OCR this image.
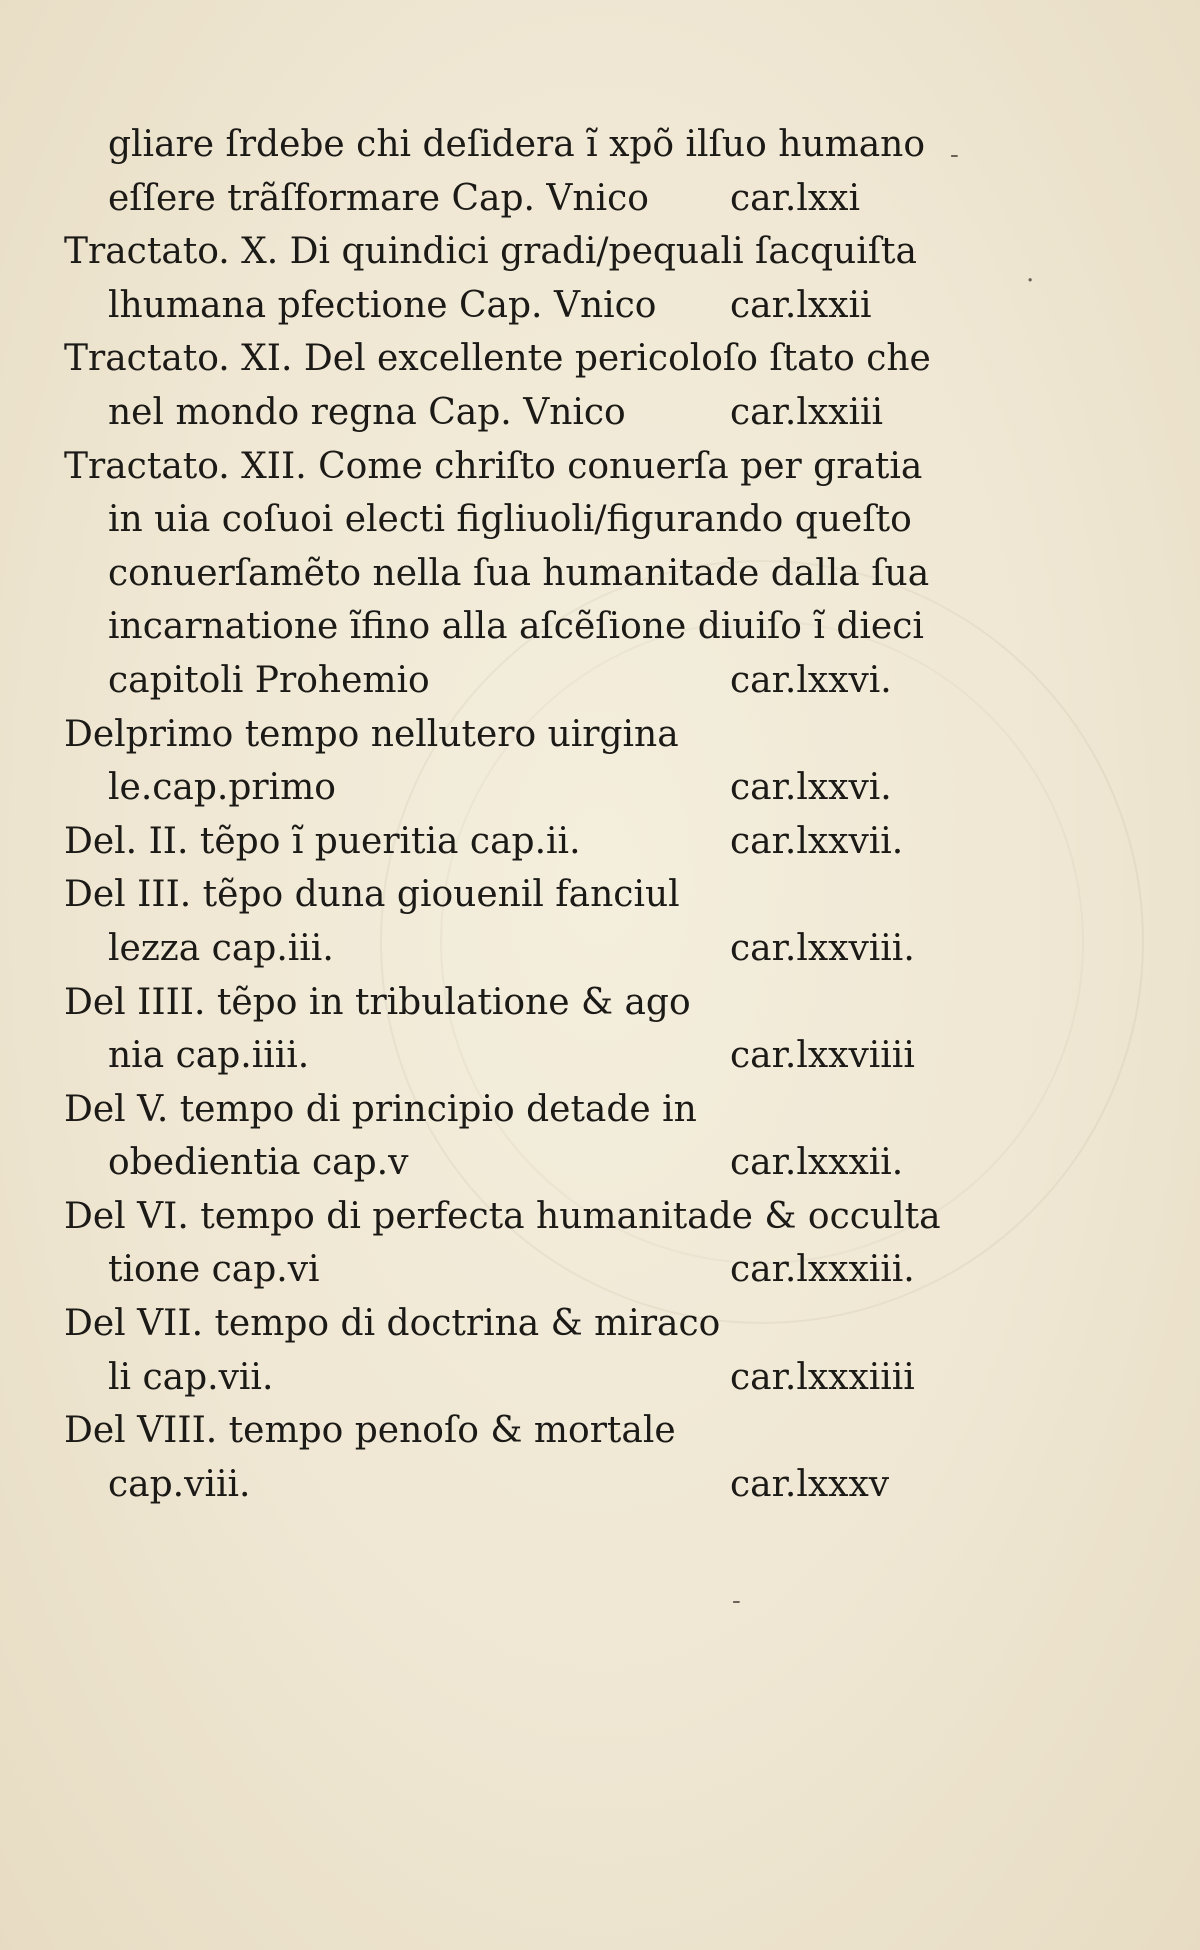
gliare ſrdebe chi deſidera ĩ xpõ ilſuo humano
eſſere trãſformare Cap. Vnico car.lxxi
Tractato. X. Di quindici gradi/pequali ſacquiſta
lhumana pfectione Cap. Vnico car.lxxii
Tractato. XI. Del excellente pericoloſo ſtato che
nel mondo regna Cap. Vnico	car.lxxiii
Tractato. XII. Come chriſto conuerſa per gratia
in uia coſuoi electi figliuoli/figurando queſto
conuerſamẽto nella ſua humanitade dalla ſua
incarnatione ĩfino alla aſcẽſione diuiſo ĩ dieci
capitoli Prohemio	car.lxxvi.
Delprimo tempo nellutero uirgina
le.cap.primo	car.lxxvi.
Del. II. tẽpo ĩ pueritia cap.ii.	car.lxxvii.
Del III. tẽpo duna giouenil fanciul
lezza cap.iii.	car.lxxviii.
Del IIII. tẽpo in tribulatione & ago
nia cap.iiii.	car.lxxviiii
Del V. tempo di principio detade in
obedientia cap.v	car.lxxxii.
Del VI. tempo di perfecta humanitade & occulta
tione cap.vi	car.lxxxiii.
Del VII. tempo di doctrina & miraco
li cap.vii.	car.lxxxiiii
Del VIII. tempo penoſo & mortale
cap.viii.	car.lxxxv
-
.
-
